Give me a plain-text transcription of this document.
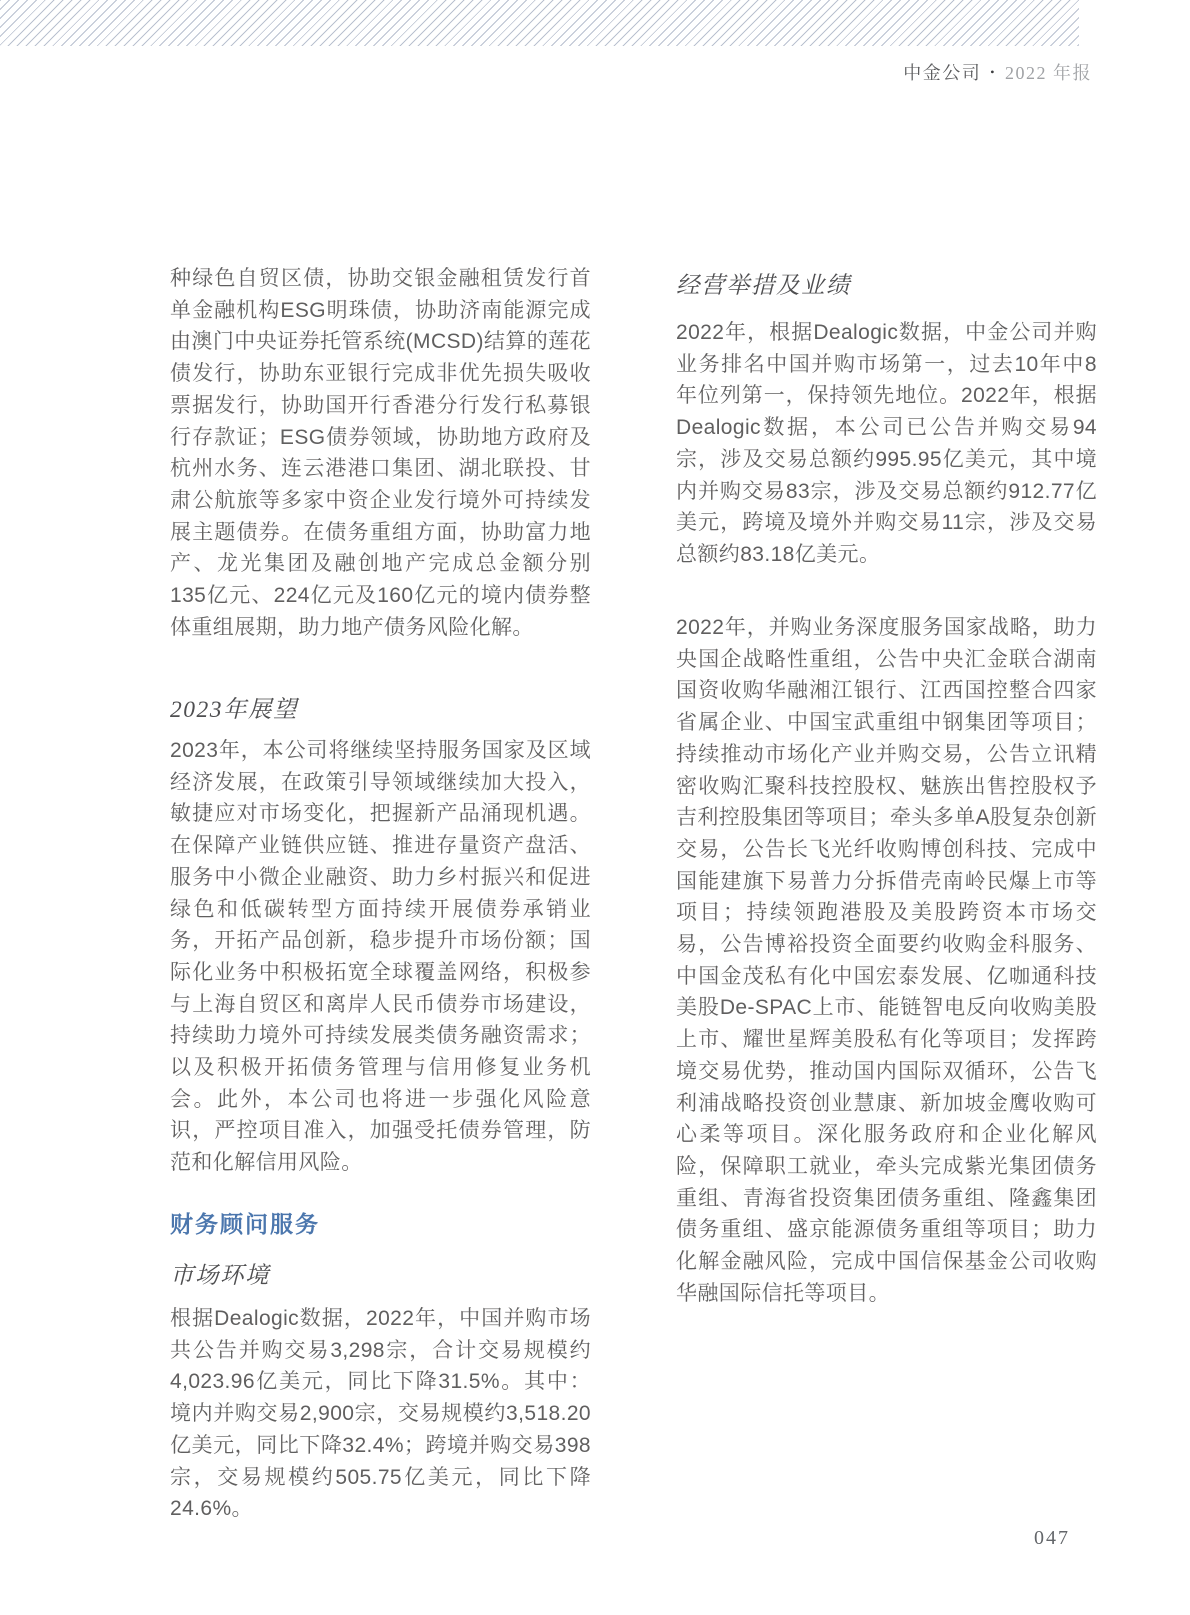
中金公司 • 2022 年报
种绿色自贸区债，协助交银金融租赁发行首单金融机构ESG明珠债，协助济南能源完成由澳门中央证券托管系统(MCSD)结算的莲花债发行，协助东亚银行完成非优先损失吸收票据发行，协助国开行香港分行发行私募银行存款证；ESG债券领域，协助地方政府及杭州水务、连云港港口集团、湖北联投、甘肃公航旅等多家中资企业发行境外可持续发展主题债券。在债务重组方面，协助富力地产、龙光集团及融创地产完成总金额分别135亿元、224亿元及160亿元的境内债券整体重组展期，助力地产债务风险化解。
2023年展望
2023年，本公司将继续坚持服务国家及区域经济发展，在政策引导领域继续加大投入，敏捷应对市场变化，把握新产品涌现机遇。在保障产业链供应链、推进存量资产盘活、服务中小微企业融资、助力乡村振兴和促进绿色和低碳转型方面持续开展债券承销业务，开拓产品创新，稳步提升市场份额；国际化业务中积极拓宽全球覆盖网络，积极参与上海自贸区和离岸人民币债券市场建设，持续助力境外可持续发展类债务融资需求；以及积极开拓债务管理与信用修复业务机会。此外，本公司也将进一步强化风险意识，严控项目准入，加强受托债券管理，防范和化解信用风险。
财务顾问服务
市场环境
根据Dealogic数据，2022年，中国并购市场共公告并购交易3,298宗，合计交易规模约4,023.96亿美元，同比下降31.5%。其中：境内并购交易2,900宗，交易规模约3,518.20亿美元，同比下降32.4%；跨境并购交易398宗，交易规模约505.75亿美元，同比下降24.6%。
经营举措及业绩
2022年，根据Dealogic数据，中金公司并购业务排名中国并购市场第一，过去10年中8年位列第一，保持领先地位。2022年，根据Dealogic数据，本公司已公告并购交易94宗，涉及交易总额约995.95亿美元，其中境内并购交易83宗，涉及交易总额约912.77亿美元，跨境及境外并购交易11宗，涉及交易总额约83.18亿美元。
2022年，并购业务深度服务国家战略，助力央国企战略性重组，公告中央汇金联合湖南国资收购华融湘江银行、江西国控整合四家省属企业、中国宝武重组中钢集团等项目；持续推动市场化产业并购交易，公告立讯精密收购汇聚科技控股权、魅族出售控股权予吉利控股集团等项目；牵头多单A股复杂创新交易，公告长飞光纤收购博创科技、完成中国能建旗下易普力分拆借壳南岭民爆上市等项目；持续领跑港股及美股跨资本市场交易，公告博裕投资全面要约收购金科服务、中国金茂私有化中国宏泰发展、亿咖通科技美股De-SPAC上市、能链智电反向收购美股上市、耀世星辉美股私有化等项目；发挥跨境交易优势，推动国内国际双循环，公告飞利浦战略投资创业慧康、新加坡金鹰收购可心柔等项目。深化服务政府和企业化解风险，保障职工就业，牵头完成紫光集团债务重组、青海省投资集团债务重组、隆鑫集团债务重组、盛京能源债务重组等项目；助力化解金融风险，完成中国信保基金公司收购华融国际信托等项目。
047
